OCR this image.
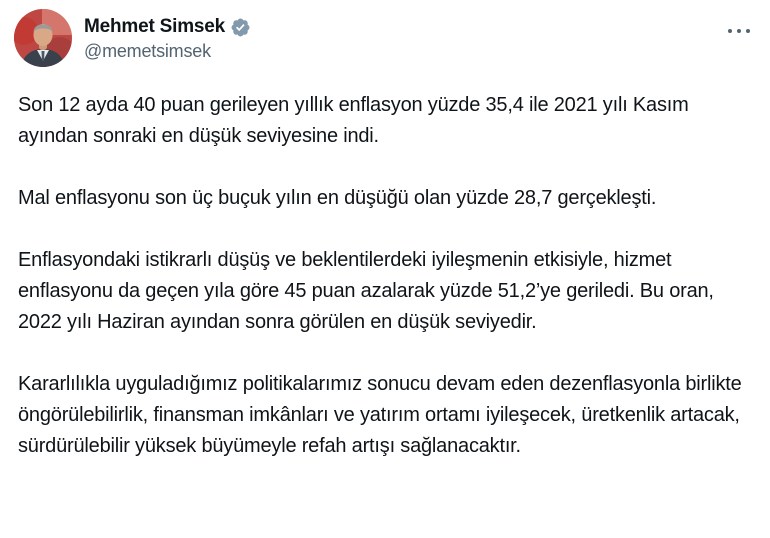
Mehmet Simsek
@memetsimsek

Son 12 ayda 40 puan gerileyen yıllık enflasyon yüzde 35,4 ile 2021 yılı Kasım ayından sonraki en düşük seviyesine indi.

Mal enflasyonu son üç buçuk yılın en düşüğü olan yüzde 28,7 gerçekleşti.

Enflasyondaki istikrarlı düşüş ve beklentilerdeki iyileşmenin etkisiyle, hizmet enflasyonu da geçen yıla göre 45 puan azalarak yüzde 51,2’ye geriledi. Bu oran, 2022 yılı Haziran ayından sonra görülen en düşük seviyedir.

Kararlılıkla uyguladığımız politikalarımız sonucu devam eden dezenflasyonla birlikte öngörülebilirlik, finansman imkânları ve yatırım ortamı iyileşecek, üretkenlik artacak, sürdürülebilir yüksek büyümeyle refah artışı sağlanacaktır.
